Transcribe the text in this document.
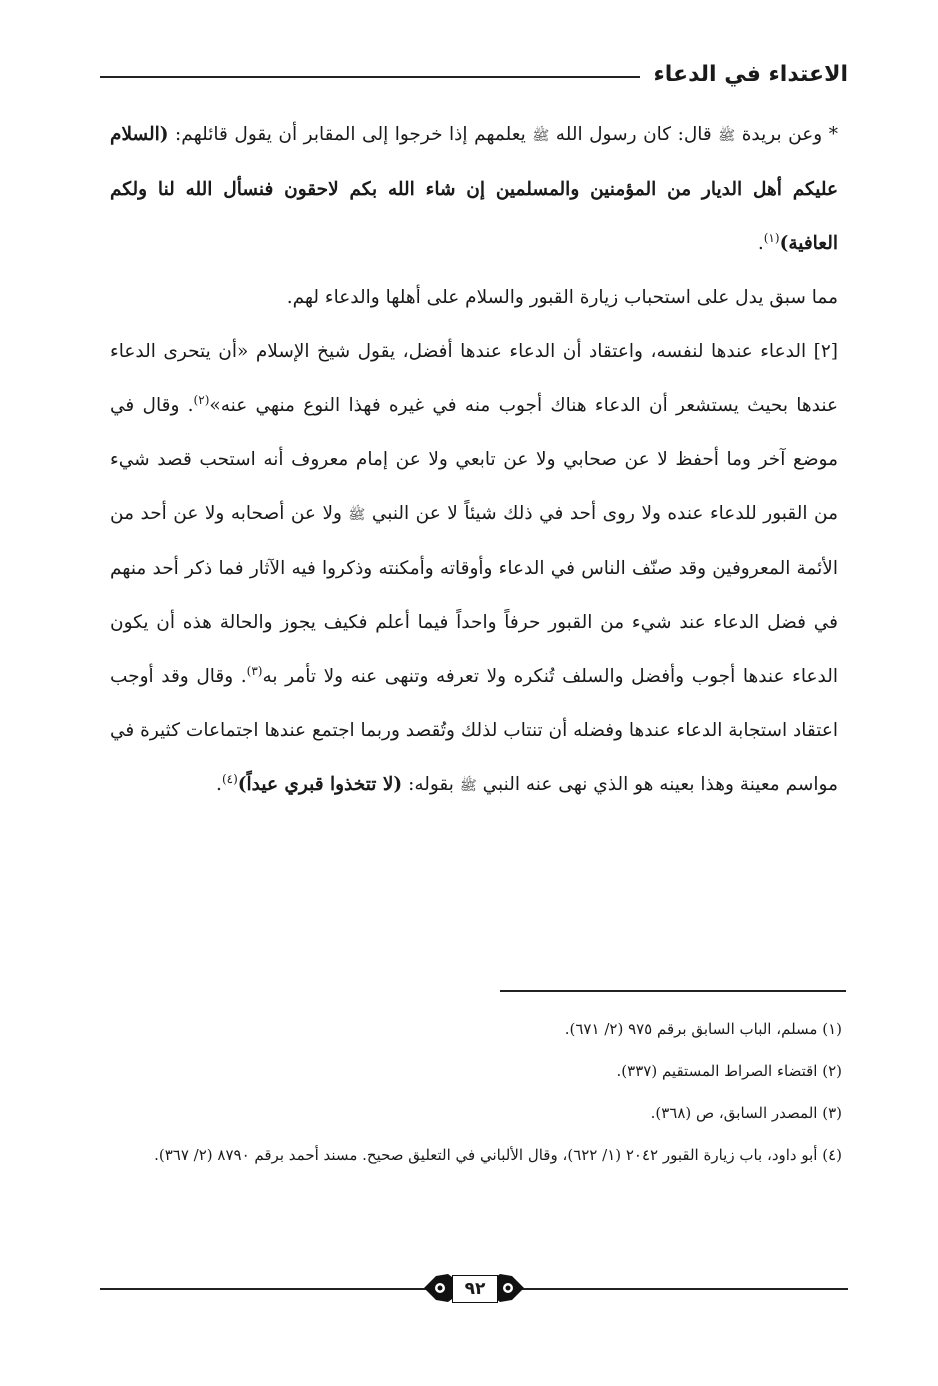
الاعتداء في الدعاء

* وعن بريدة ﷺ قال: كان رسول الله ﷺ يعلمهم إذا خرجوا إلى المقابر أن يقول قائلهم: (السلام عليكم أهل الديار من المؤمنين والمسلمين إن شاء الله بكم لاحقون فنسأل الله لنا ولكم العافية)$^{(١)}$.

مما سبق يدل على استحباب زيارة القبور والسلام على أهلها والدعاء لهم.

[٢] الدعاء عندها لنفسه، واعتقاد أن الدعاء عندها أفضل، يقول شيخ الإسلام «أن يتحرى الدعاء عندها بحيث يستشعر أن الدعاء هناك أجوب منه في غيره فهذا النوع منهي عنه»$^{(٢)}$. وقال في موضع آخر وما أحفظ لا عن صحابي ولا عن تابعي ولا عن إمام معروف أنه استحب قصد شيء من القبور للدعاء عنده ولا روى أحد في ذلك شيئاً لا عن النبي ﷺ ولا عن أصحابه ولا عن أحد من الأئمة المعروفين وقد صنّف الناس في الدعاء وأوقاته وأمكنته وذكروا فيه الآثار فما ذكر أحد منهم في فضل الدعاء عند شيء من القبور حرفاً واحداً فيما أعلم فكيف يجوز والحالة هذه أن يكون الدعاء عندها أجوب وأفضل والسلف تُنكره ولا تعرفه وتنهى عنه ولا تأمر به$^{(٣)}$. وقال وقد أوجب اعتقاد استجابة الدعاء عندها وفضله أن تنتاب لذلك وتُقصد وربما اجتمع عندها اجتماعات كثيرة في مواسم معينة وهذا بعينه هو الذي نهى عنه النبي ﷺ بقوله: (لا تتخذوا قبري عيداً)$^{(٤)}$.

(١) مسلم، الباب السابق برقم ٩٧٥ (٢/ ٦٧١).

(٢) اقتضاء الصراط المستقيم (٣٣٧).

(٣) المصدر السابق، ص (٣٦٨).

(٤) أبو داود، باب زيارة القبور ٢٠٤٢ (١/ ٦٢٢)، وقال الألباني في التعليق صحيح. مسند أحمد برقم ٨٧٩٠ (٢/ ٣٦٧).

٩٢
